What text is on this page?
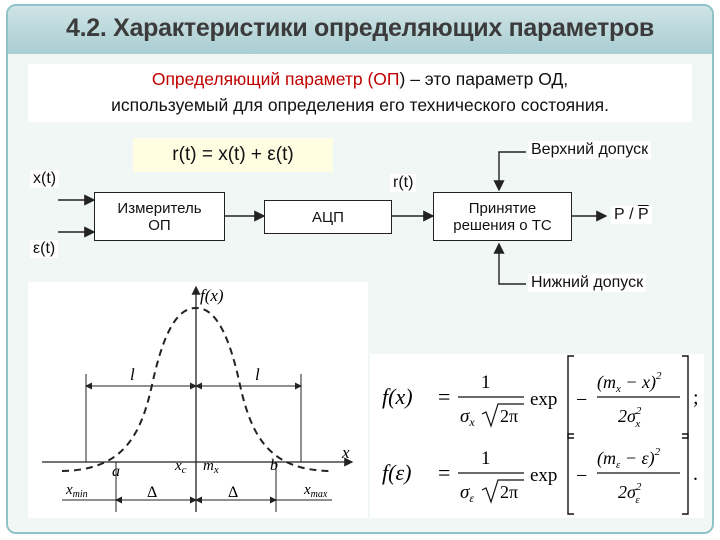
4.2. Характеристики определяющих параметров
Определяющий параметр (ОП) – это параметр ОД,
используемый для определения его технического состояния.
r(t) = x(t) + ε(t)
x(t)
ε(t)
r(t)
Измеритель
ОП	АЦП
Принятие
решения о ТС
Верхний допуск
Нижний допуск
Р / Р
f(x)
x
l	l
a	$x_c$ $m_x$	b
$x_{min}$	$x_{max}$
Δ	Δ
f(x) =
1
$\sigma_x$ 2π
exp −
$(m_x - x)^2$
$2\sigma^2$ x
;
f(ε) =
1
$\sigma_\varepsilon$ 2π
exp −
$(m_\varepsilon - \varepsilon)^2$
$2\sigma^2$ ε
.
